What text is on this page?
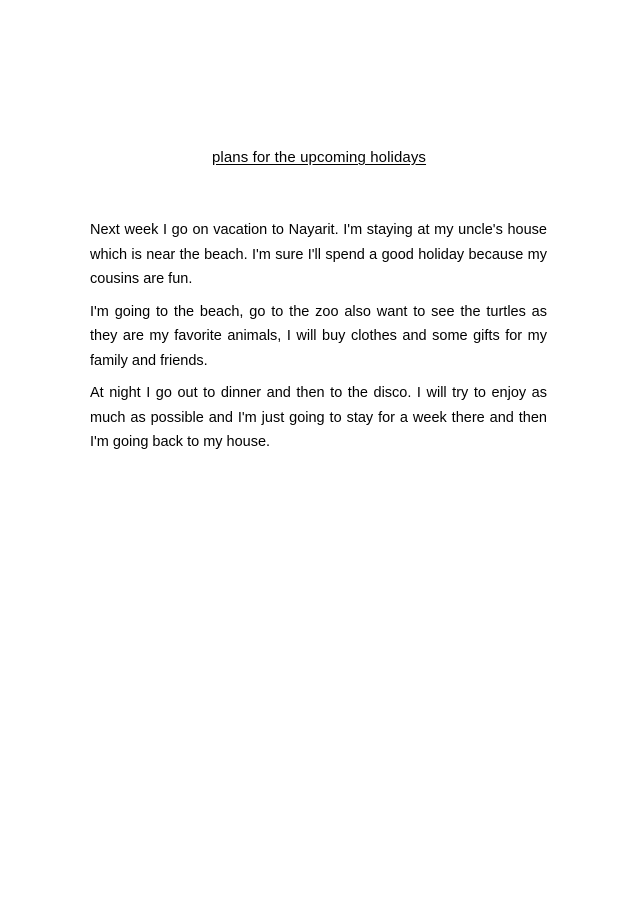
plans for the upcoming holidays

Next week I go on vacation to Nayarit. I'm staying at my uncle's house which is near the beach. I'm sure I'll spend a good holiday because my cousins are fun.

I'm going to the beach, go to the zoo also want to see the turtles as they are my favorite animals, I will buy clothes and some gifts for my family and friends.

At night I go out to dinner and then to the disco. I will try to enjoy as much as possible and I'm just going to stay for a week there and then I'm going back to my house.
